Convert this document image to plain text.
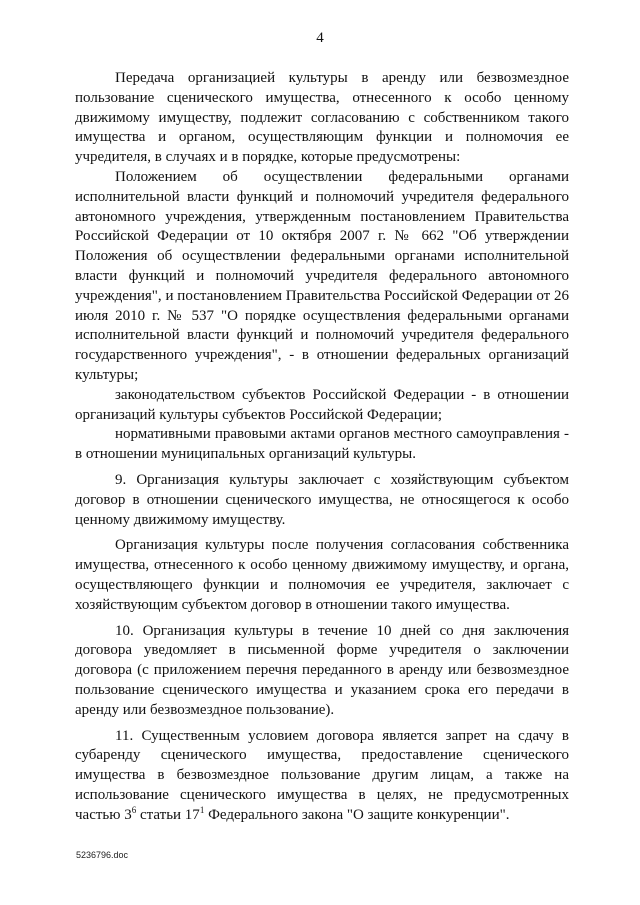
4

Передача организацией культуры в аренду или безвозмездное пользование сценического имущества, отнесенного к особо ценному движимому имуществу, подлежит согласованию с собственником такого имущества и органом, осуществляющим функции и полномочия ее учредителя, в случаях и в порядке, которые предусмотрены:

Положением об осуществлении федеральными органами исполнительной власти функций и полномочий учредителя федерального автономного учреждения, утвержденным постановлением Правительства Российской Федерации от 10 октября 2007 г. № 662 "Об утверждении Положения об осуществлении федеральными органами исполнительной власти функций и полномочий учредителя федерального автономного учреждения", и постановлением Правительства Российской Федерации от 26 июля 2010 г. № 537 "О порядке осуществления федеральными органами исполнительной власти функций и полномочий учредителя федерального государственного учреждения", - в отношении федеральных организаций культуры;

законодательством субъектов Российской Федерации - в отношении организаций культуры субъектов Российской Федерации;

нормативными правовыми актами органов местного самоуправления - в отношении муниципальных организаций культуры.

9. Организация культуры заключает с хозяйствующим субъектом договор в отношении сценического имущества, не относящегося к особо ценному движимому имуществу.

Организация культуры после получения согласования собственника имущества, отнесенного к особо ценному движимому имуществу, и органа, осуществляющего функции и полномочия ее учредителя, заключает с хозяйствующим субъектом договор в отношении такого имущества.

10. Организация культуры в течение 10 дней со дня заключения договора уведомляет в письменной форме учредителя о заключении договора (с приложением перечня переданного в аренду или безвозмездное пользование сценического имущества и указанием срока его передачи в аренду или безвозмездное пользование).

11. Существенным условием договора является запрет на сдачу в субаренду сценического имущества, предоставление сценического имущества в безвозмездное пользование другим лицам, а также на использование сценического имущества в целях, не предусмотренных частью $3^6$ статьи $17^1$ Федерального закона "О защите конкуренции".

5236796.doc
